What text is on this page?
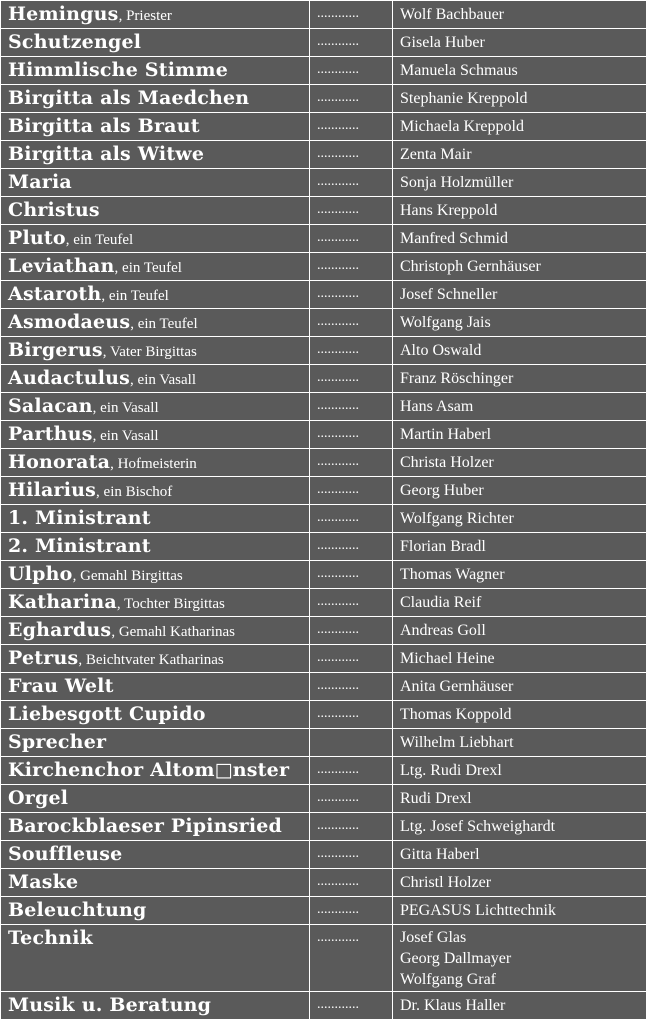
Hemingus, Priester	............	Wolf Bachbauer
Schutzengel	............	Gisela Huber
Himmlische Stimme	............	Manuela Schmaus
Birgitta als Maedchen	............	Stephanie Kreppold
Birgitta als Braut	............	Michaela Kreppold
Birgitta als Witwe	............	Zenta Mair
Maria	............	Sonja Holzmüller
Christus	............	Hans Kreppold
Pluto, ein Teufel	............	Manfred Schmid
Leviathan, ein Teufel	............	Christoph Gernhäuser
Astaroth, ein Teufel	............	Josef Schneller
Asmodaeus, ein Teufel	............	Wolfgang Jais
Birgerus, Vater Birgittas	............	Alto Oswald
Audactulus, ein Vasall	............	Franz Röschinger
Salacan, ein Vasall	............	Hans Asam
Parthus, ein Vasall	............	Martin Haberl
Honorata, Hofmeisterin	............	Christa Holzer
Hilarius, ein Bischof	............	Georg Huber
1. Ministrant	............	Wolfgang Richter
2. Ministrant	............	Florian Bradl
Ulpho, Gemahl Birgittas	............	Thomas Wagner
Katharina, Tochter Birgittas	............	Claudia Reif
Eghardus, Gemahl Katharinas	............	Andreas Goll
Petrus, Beichtvater Katharinas	............	Michael Heine
Frau Welt	............	Anita Gernhäuser
Liebesgott Cupido	............	Thomas Koppold
Sprecher		Wilhelm Liebhart
Kirchenchor Altom□nster	............	Ltg. Rudi Drexl
Orgel	............	Rudi Drexl
Barockblaeser Pipinsried	............	Ltg. Josef Schweighardt
Souffleuse	............	Gitta Haberl
Maske	............	Christl Holzer
Beleuchtung	............	PEGASUS Lichttechnik
Technik	............	Josef Glas
Georg Dallmayer
Wolfgang Graf

Musik u. Beratung	............	Dr. Klaus Haller
